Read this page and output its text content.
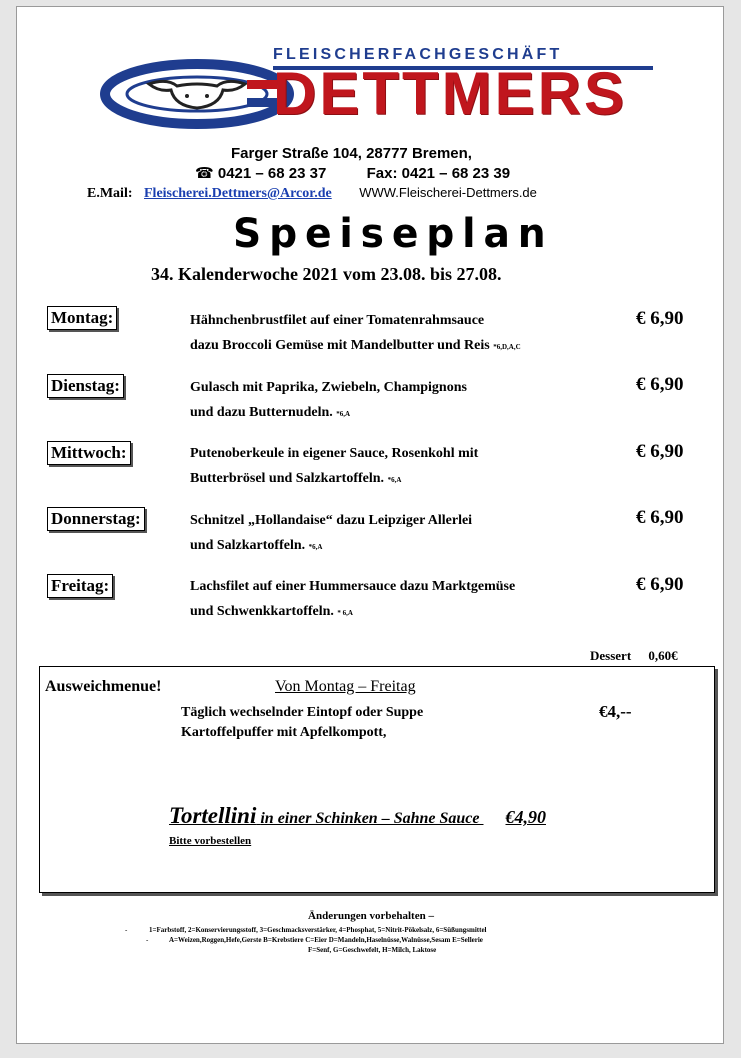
FLEISCHERFACHGESCHÄFT
DETTMERS
Farger Straße 104, 28777 Bremen,
☎ 0421 – 68 23 37	Fax: 0421 – 68 23 39
E.Mail: Fleischerei.Dettmers@Arcor.de WWW.Fleischerei-Dettmers.de
Speiseplan
34. Kalenderwoche 2021 vom 23.08. bis 27.08.
Montag:	Hähnchenbrustfilet auf einer Tomatenrahmsauce
dazu Broccoli Gemüse mit Mandelbutter und Reis *6,D,A,C
€ 6,90
Dienstag:	Gulasch mit Paprika, Zwiebeln, Champignons
und dazu Butternudeln. *6,A
€ 6,90
Mittwoch:	Putenoberkeule in eigener Sauce, Rosenkohl mit
Butterbrösel und Salzkartoffeln. *6,A
€ 6,90
Donnerstag:	Schnitzel „Hollandaise“ dazu Leipziger Allerlei
und Salzkartoffeln. *6,A
€ 6,90
Freitag:	Lachsfilet auf einer Hummersauce dazu Marktgemüse
und Schwenkkartoffeln. * 6,A
€ 6,90
Dessert 0,60€
Ausweichmenue!	Von Montag – Freitag
Täglich wechselnder Eintopf oder Suppe
Kartoffelpuffer mit Apfelkompott,
€4,--
Tortellini in einer Schinken – Sahne Sauce €4,90
Bitte vorbestellen
Änderungen vorbehalten –
-	1=Farbstoff, 2=Konservierungsstoff, 3=Geschmacksverstärker, 4=Phosphat, 5=Nitrit-Pökelsalz, 6=Süßungsmittel
-	A=Weizen,Roggen,Hefe,Gerste B=Krebstiere C=Eier D=Mandeln,Haselnüsse,Walnüsse,Sesam E=Sellerie
F=Senf, G=Geschwefelt, H=Milch, Laktose
